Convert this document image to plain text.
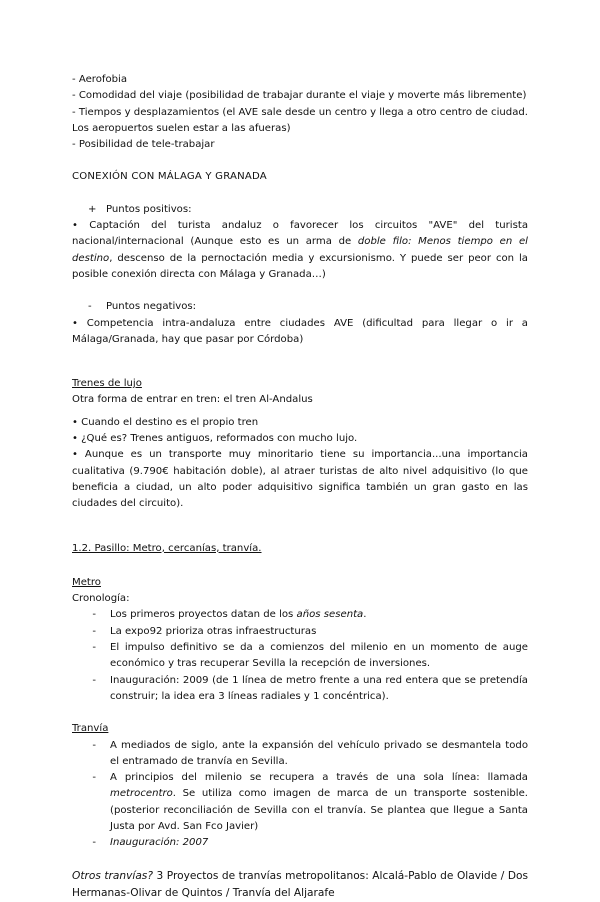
- Aerofobia

- Comodidad del viaje (posibilidad de trabajar durante el viaje y moverte más libremente)

- Tiempos y desplazamientos (el AVE sale desde un centro y llega a otro centro de ciudad. Los aeropuertos suelen estar a las afueras)

- Posibilidad de tele-trabajar

CONEXIÓN CON MÁLAGA Y GRANADA

+ Puntos positivos:

• Captación del turista andaluz o favorecer los circuitos "AVE" del turista nacional/internacional (Aunque esto es un arma de doble filo: Menos tiempo en el destino, descenso de la pernoctación media y excursionismo. Y puede ser peor con la posible conexión directa con Málaga y Granada…)

-	Puntos negativos:

• Competencia intra-andaluza entre ciudades AVE (dificultad para llegar o ir a Málaga/Granada, hay que pasar por Córdoba)

Trenes de lujo

Otra forma de entrar en tren: el tren Al-Andalus

• Cuando el destino es el propio tren

• ¿Qué es? Trenes antiguos, reformados con mucho lujo.

• Aunque es un transporte muy minoritario tiene su importancia...una importancia cualitativa (9.790€ habitación doble), al atraer turistas de alto nivel adquisitivo (lo que beneficia a ciudad, un alto poder adquisitivo significa también un gran gasto en las ciudades del circuito).

1.2. Pasillo: Metro, cercanías, tranvía.

Metro

Cronología:

-	Los primeros proyectos datan de los años sesenta.
-	La expo92 prioriza otras infraestructuras
-	El impulso definitivo se da a comienzos del milenio en un momento de auge económico y tras recuperar Sevilla la recepción de inversiones.
-	Inauguración: 2009 (de 1 línea de metro frente a una red entera que se pretendía construir; la idea era 3 líneas radiales y 1 concéntrica).

Tranvía

-	A mediados de siglo, ante la expansión del vehículo privado se desmantela todo el entramado de tranvía en Sevilla.
-	A principios del milenio se recupera a través de una sola línea: llamada metrocentro. Se utiliza como imagen de marca de un transporte sostenible. (posterior reconciliación de Sevilla con el tranvía. Se plantea que llegue a Santa Justa por Avd. San Fco Javier)
-	Inauguración: 2007

Otros tranvías? 3 Proyectos de tranvías metropolitanos: Alcalá-Pablo de Olavide / Dos Hermanas-Olivar de Quintos / Tranvía del Aljarafe
